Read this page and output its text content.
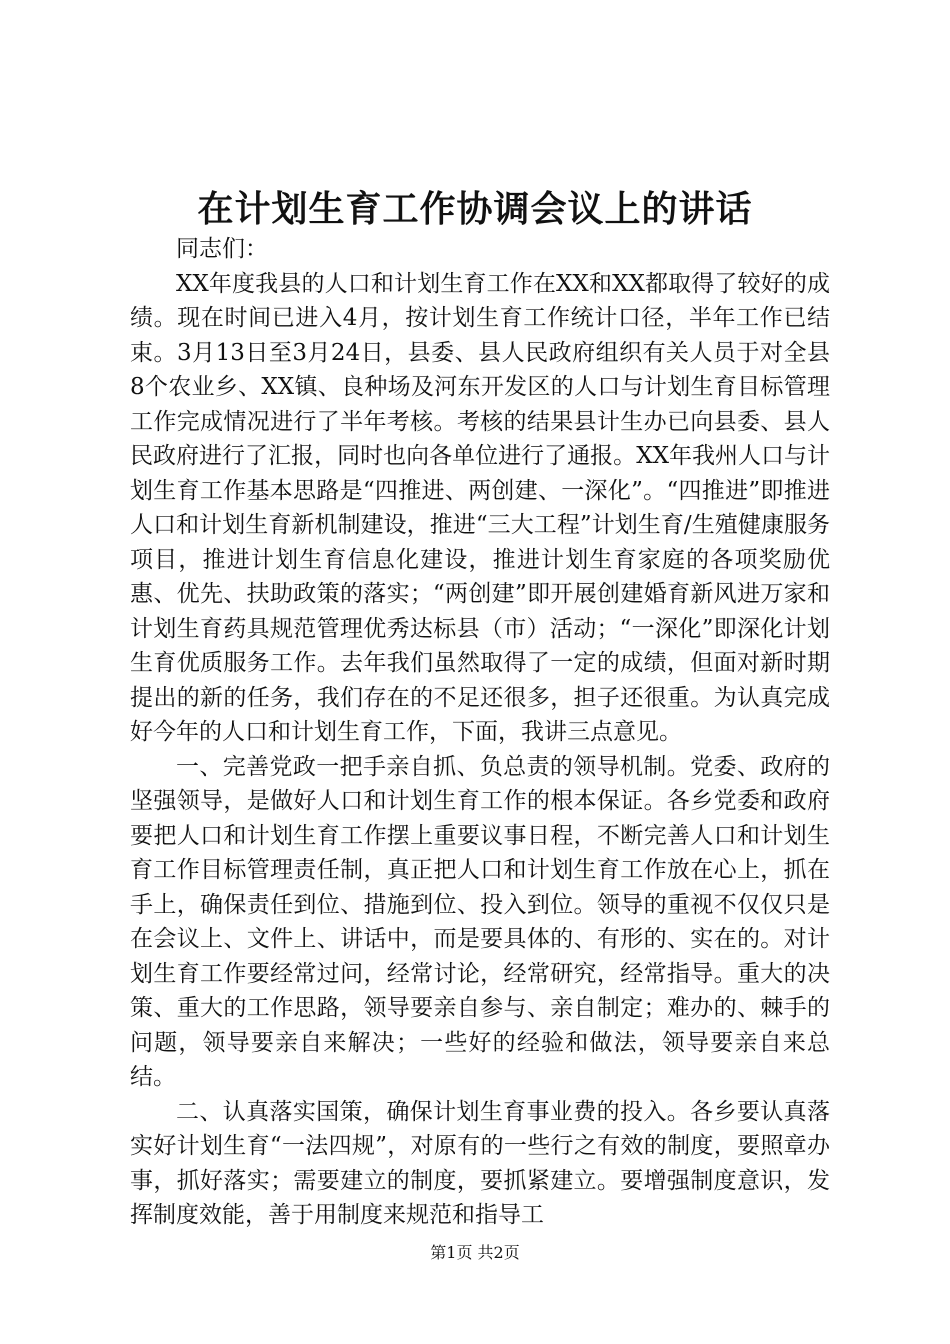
在计划生育工作协调会议上的讲话

同志们：

XX年度我县的人口和计划生育工作在XX和XX都取得了较好的成绩。现在时间已进入4月，按计划生育工作统计口径，半年工作已结束。3月13日至3月24日，县委、县人民政府组织有关人员于对全县8个农业乡、XX镇、良种场及河东开发区的人口与计划生育目标管理工作完成情况进行了半年考核。考核的结果县计生办已向县委、县人民政府进行了汇报，同时也向各单位进行了通报。XX年我州人口与计划生育工作基本思路是“四推进、两创建、一深化”。“四推进”即推进人口和计划生育新机制建设，推进“三大工程”计划生育/生殖健康服务项目，推进计划生育信息化建设，推进计划生育家庭的各项奖励优惠、优先、扶助政策的落实；“两创建”即开展创建婚育新风进万家和计划生育药具规范管理优秀达标县（市）活动；“一深化”即深化计划生育优质服务工作。去年我们虽然取得了一定的成绩，但面对新时期提出的新的任务，我们存在的不足还很多，担子还很重。为认真完成好今年的人口和计划生育工作，下面，我讲三点意见。

一、完善党政一把手亲自抓、负总责的领导机制。党委、政府的坚强领导，是做好人口和计划生育工作的根本保证。各乡党委和政府要把人口和计划生育工作摆上重要议事日程，不断完善人口和计划生育工作目标管理责任制，真正把人口和计划生育工作放在心上，抓在手上，确保责任到位、措施到位、投入到位。领导的重视不仅仅只是在会议上、文件上、讲话中，而是要具体的、有形的、实在的。对计划生育工作要经常过问，经常讨论，经常研究，经常指导。重大的决策、重大的工作思路，领导要亲自参与、亲自制定；难办的、棘手的问题，领导要亲自来解决；一些好的经验和做法，领导要亲自来总结。

二、认真落实国策，确保计划生育事业费的投入。各乡要认真落实好计划生育“一法四规”，对原有的一些行之有效的制度，要照章办事，抓好落实；需要建立的制度，要抓紧建立。要增强制度意识，发挥制度效能，善于用制度来规范和指导工

第1页 共2页
